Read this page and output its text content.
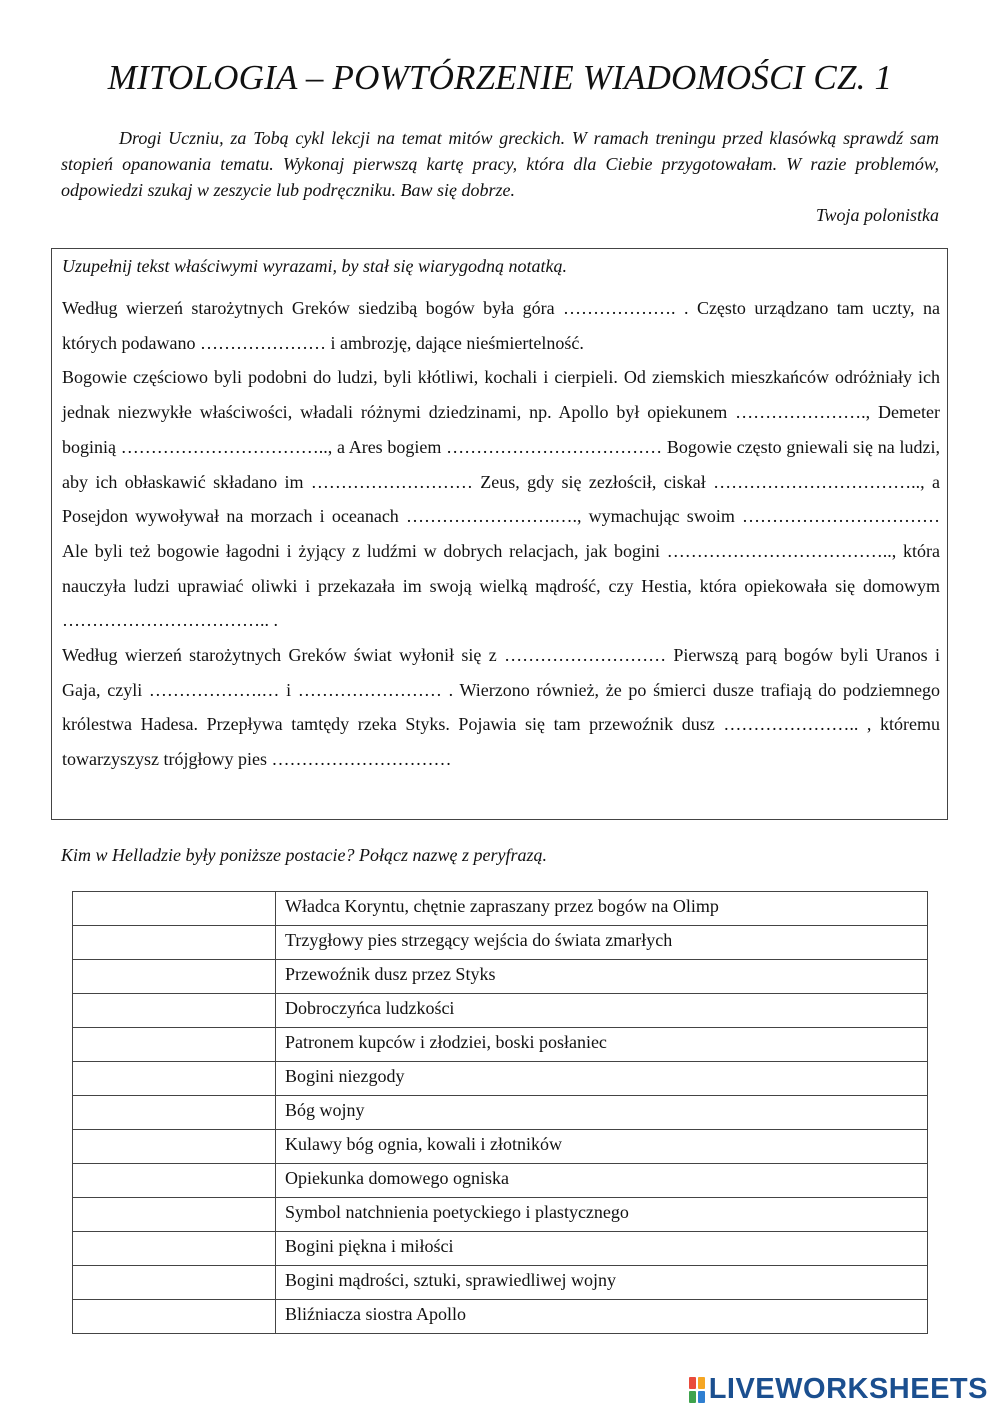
MITOLOGIA – POWTÓRZENIE WIADOMOŚCI CZ. 1

Drogi Uczniu, za Tobą cykl lekcji na temat mitów greckich. W ramach treningu przed klasówką sprawdź sam stopień opanowania tematu. Wykonaj pierwszą kartę pracy, która dla Ciebie przygotowałam. W razie problemów, odpowiedzi szukaj w zeszycie lub podręczniku. Baw się dobrze.

Twoja polonistka
Uzupełnij tekst właściwymi wyrazami, by stał się wiarygodną notatką.

Według wierzeń starożytnych Greków siedzibą bogów była góra ………………. . Często urządzano tam uczty, na których podawano ………………… i ambrozję, dające nieśmiertelność.

Bogowie częściowo byli podobni do ludzi, byli kłótliwi, kochali i cierpieli. Od ziemskich mieszkańców odróżniały ich jednak niezwykłe właściwości, władali różnymi dziedzinami, np. Apollo był opiekunem …………………., Demeter boginią …………………………….., a Ares bogiem ……………………………… Bogowie często gniewali się na ludzi, aby ich obłaskawić składano im ……………………… Zeus, gdy się zezłościł, ciskał …………………………….., a Posejdon wywoływał na morzach i oceanach …………………….…., wymachując swoim …………………………… Ale byli też bogowie łagodni i żyjący z ludźmi w dobrych relacjach, jak bogini ……………………………….., która nauczyła ludzi uprawiać oliwki i przekazała im swoją wielką mądrość, czy Hestia, która opiekowała się domowym …………………………….. .

Według wierzeń starożytnych Greków świat wyłonił się z ……………………… Pierwszą parą bogów byli Uranos i Gaja, czyli ……………….… i …………………… . Wierzono również, że po śmierci dusze trafiają do podziemnego królestwa Hadesa. Przepływa tamtędy rzeka Styks. Pojawia się tam przewoźnik dusz ………………….. , któremu towarzyszysz trójgłowy pies …………………………

Kim w Helladzie były poniższe postacie? Połącz nazwę z peryfrazą.
	Władca Koryntu, chętnie zapraszany przez bogów na Olimp
	Trzygłowy pies strzegący wejścia do świata zmarłych
	Przewoźnik dusz przez Styks
	Dobroczyńca ludzkości
	Patronem kupców i złodziei, boski posłaniec
	Bogini niezgody
	Bóg wojny
	Kulawy bóg ognia, kowali i złotników
	Opiekunka domowego ogniska
	Symbol natchnienia poetyckiego i plastycznego
	Bogini piękna i miłości
	Bogini mądrości, sztuki, sprawiedliwej wojny
	Bliźniacza siostra Apollo
LIVEWORKSHEETS
